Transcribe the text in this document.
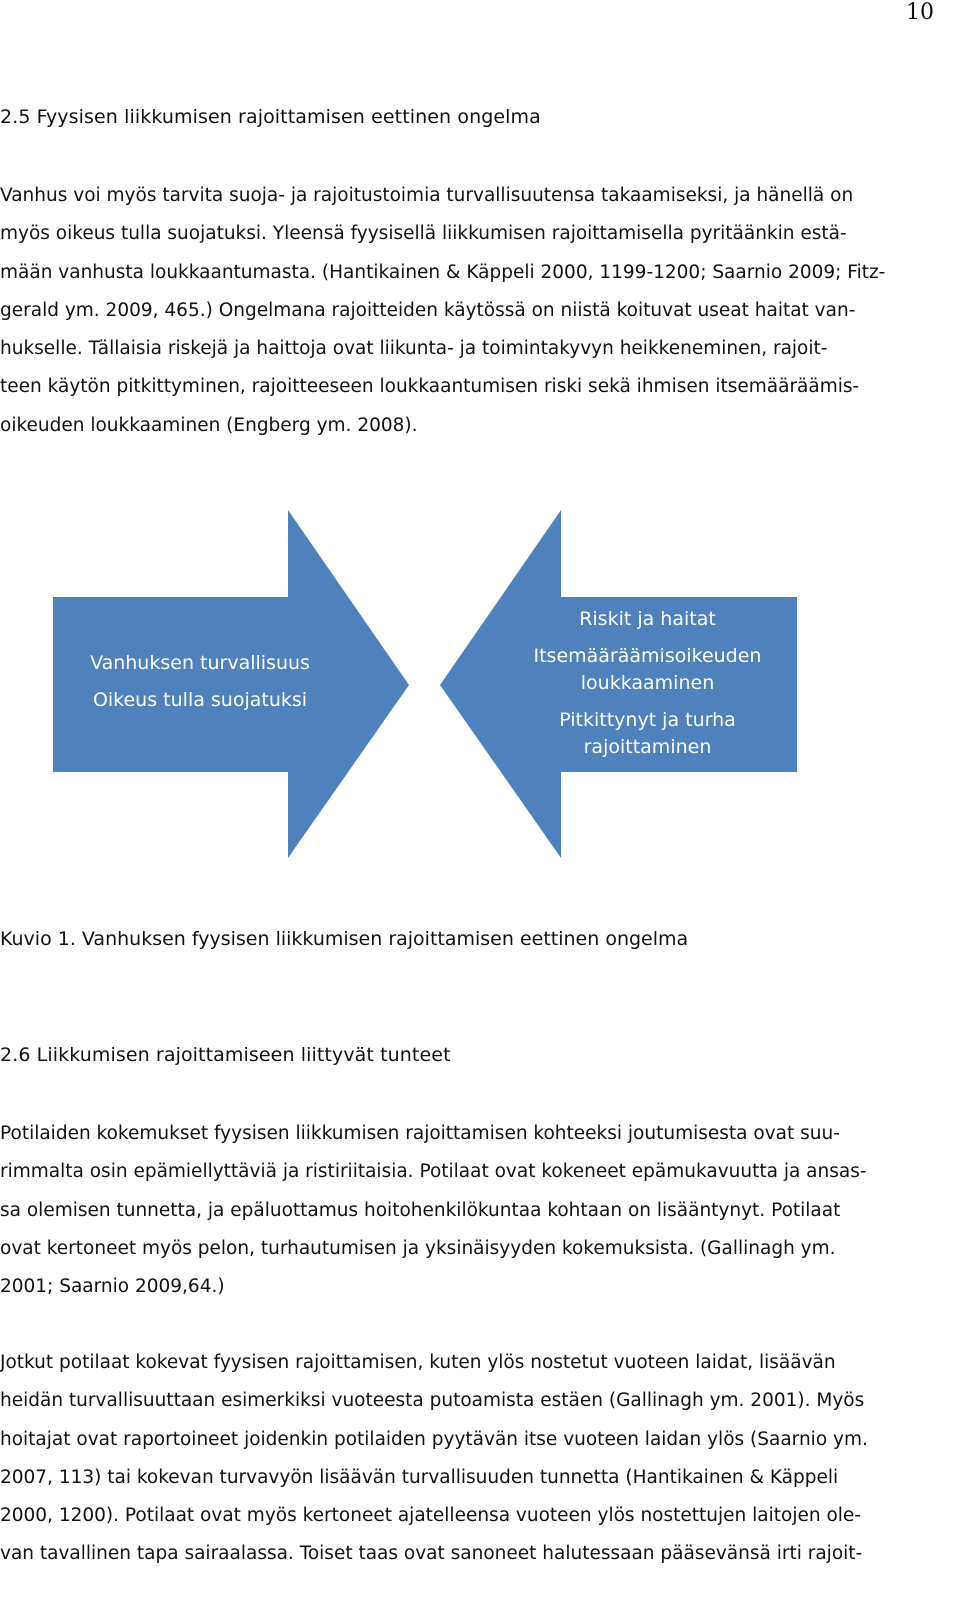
10
2.5 Fyysisen liikkumisen rajoittamisen eettinen ongelma
Vanhus voi myös tarvita suoja- ja rajoitustoimia turvallisuutensa takaamiseksi, ja hänellä on
myös oikeus tulla suojatuksi. Yleensä fyysisellä liikkumisen rajoittamisella pyritäänkin estä-
mään vanhusta loukkaantumasta. (Hantikainen & Käppeli 2000, 1199-1200; Saarnio 2009; Fitz-
gerald ym. 2009, 465.) Ongelmana rajoitteiden käytössä on niistä koituvat useat haitat van-
hukselle. Tällaisia riskejä ja haittoja ovat liikunta- ja toimintakyvyn heikkeneminen, rajoit-
teen käytön pitkittyminen, rajoitteeseen loukkaantumisen riski sekä ihmisen itsemääräämis-
oikeuden loukkaaminen (Engberg ym. 2008).
Vanhuksen turvallisuus
Oikeus tulla suojatuksi
Riskit ja haitat
Itsemääräämisoikeuden loukkaaminen
Pitkittynyt ja turha rajoittaminen
Kuvio 1. Vanhuksen fyysisen liikkumisen rajoittamisen eettinen ongelma
2.6 Liikkumisen rajoittamiseen liittyvät tunteet
Potilaiden kokemukset fyysisen liikkumisen rajoittamisen kohteeksi joutumisesta ovat suu-
rimmalta osin epämiellyttäviä ja ristiriitaisia. Potilaat ovat kokeneet epämukavuutta ja ansas-
sa olemisen tunnetta, ja epäluottamus hoitohenkilökuntaa kohtaan on lisääntynyt. Potilaat
ovat kertoneet myös pelon, turhautumisen ja yksinäisyyden kokemuksista. (Gallinagh ym.
2001; Saarnio 2009,64.)
Jotkut potilaat kokevat fyysisen rajoittamisen, kuten ylös nostetut vuoteen laidat, lisäävän
heidän turvallisuuttaan esimerkiksi vuoteesta putoamista estäen (Gallinagh ym. 2001). Myös
hoitajat ovat raportoineet joidenkin potilaiden pyytävän itse vuoteen laidan ylös (Saarnio ym.
2007, 113) tai kokevan turvavyön lisäävän turvallisuuden tunnetta (Hantikainen & Käppeli
2000, 1200). Potilaat ovat myös kertoneet ajatelleensa vuoteen ylös nostettujen laitojen ole-
van tavallinen tapa sairaalassa. Toiset taas ovat sanoneet halutessaan pääsevänsä irti rajoit-
